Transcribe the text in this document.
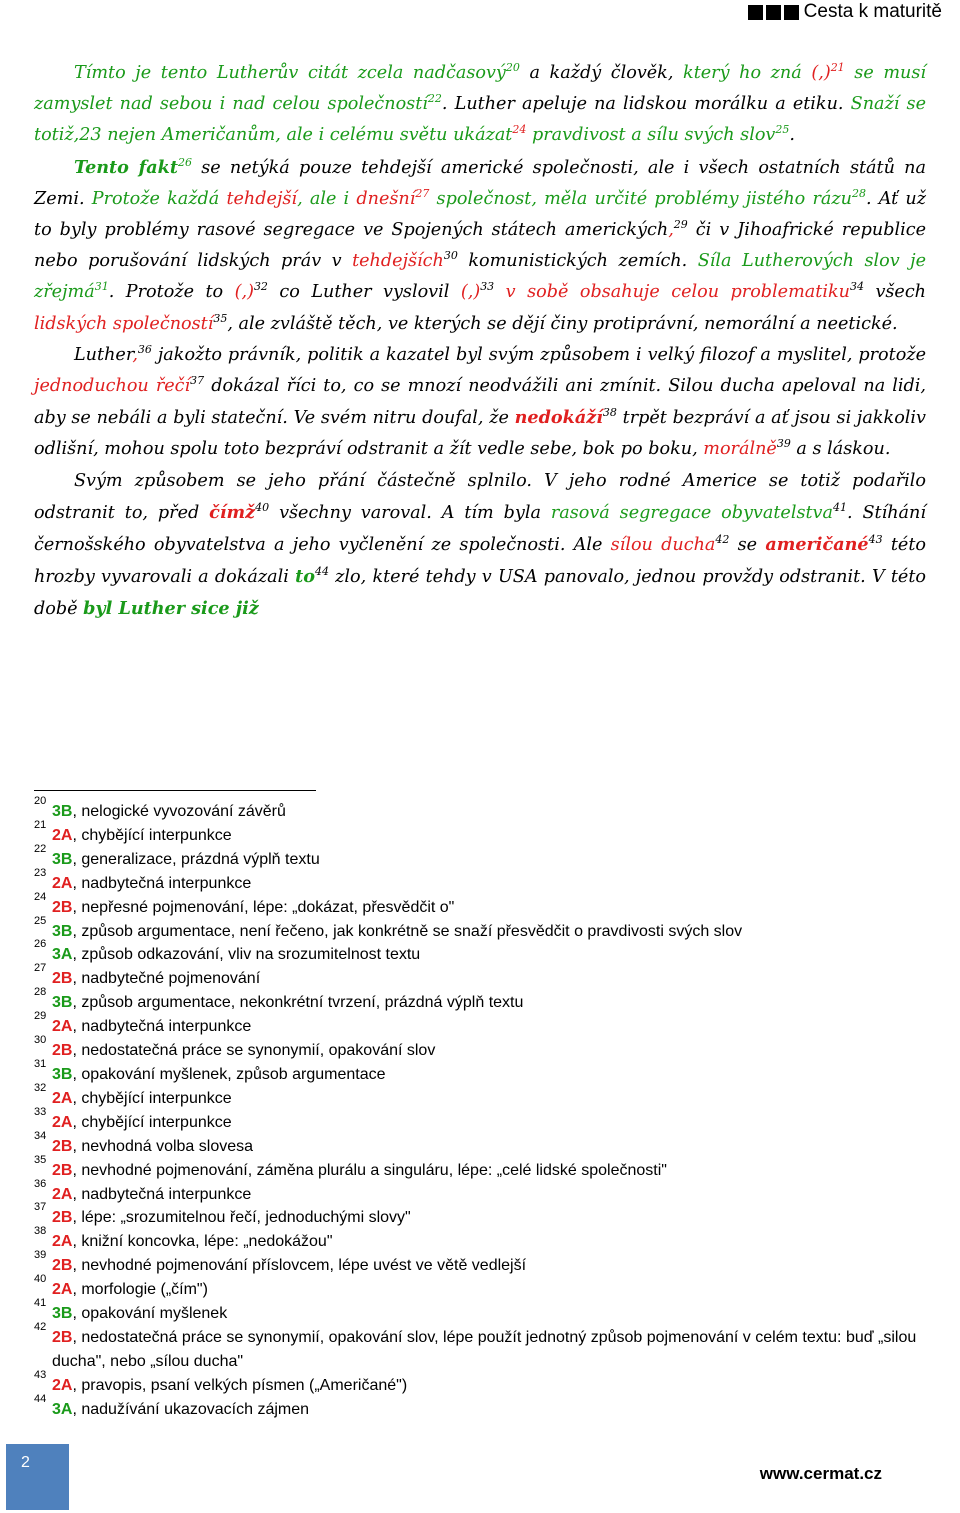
Cesta k maturitě

Tímto je tento Lutherův citát zcela nadčasový$^{20}$ a každý člověk, který ho zná (,)$^{21}$ se musí zamyslet nad sebou i nad celou společností$^{22}$. Luther apeluje na lidskou morálku a etiku. Snaží se totiž,23 nejen Američanům, ale i celému světu ukázat$^{24}$ pravdivost a sílu svých slov$^{25}$.

Tento fakt$^{26}$ se netýká pouze tehdejší americké společnosti, ale i všech ostatních států na Zemi. Protože každá tehdejší, ale i dnešní$^{27}$ společnost, měla určité problémy jistého rázu$^{28}$. Ať už to byly problémy rasové segregace ve Spojených státech amerických,$^{29}$ či v Jihoafrické republice nebo porušování lidských práv v tehdejších$^{30}$ komunistických zemích. Síla Lutherových slov je zřejmá$^{31}$. Protože to (,)$^{32}$ co Luther vyslovil (,)$^{33}$ v sobě obsahuje celou problematiku$^{34}$ všech lidských společností$^{35}$, ale zvláště těch, ve kterých se dějí činy protiprávní, nemorální a neetické.

Luther,$^{36}$ jakožto právník, politik a kazatel byl svým způsobem i velký filozof a myslitel, protože jednoduchou řečí$^{37}$ dokázal říci to, co se mnozí neodvážili ani zmínit. Silou ducha apeloval na lidi, aby se nebáli a byli stateční. Ve svém nitru doufal, že nedokáží$^{38}$ trpět bezpráví a ať jsou si jakkoliv odlišní, mohou spolu toto bezpráví odstranit a žít vedle sebe, bok po boku, morálně$^{39}$ a s láskou.

Svým způsobem se jeho přání částečně splnilo. V jeho rodné Americe se totiž podařilo odstranit to, před čímž$^{40}$ všechny varoval. A tím byla rasová segregace obyvatelstva$^{41}$. Stíhání černošského obyvatelstva a jeho vyčlenění ze společnosti. Ale sílou ducha$^{42}$ se američané$^{43}$ této hrozby vyvarovali a dokázali $to^{44}$ zlo, které tehdy v USA panovalo, jednou provždy odstranit. V této době byl Luther sice již

20
3B, nelogické vyvozování závěrů
21
2A, chybějící interpunkce
22
3B, generalizace, prázdná výplň textu
23
2A, nadbytečná interpunkce
24
2B, nepřesné pojmenování, lépe: „dokázat, přesvědčit o"
25
3B, způsob argumentace, není řečeno, jak konkrétně se snaží přesvědčit o pravdivosti svých slov
26
3A, způsob odkazování, vliv na srozumitelnost textu
27
2B, nadbytečné pojmenování
28
3B, způsob argumentace, nekonkrétní tvrzení, prázdná výplň textu
29
2A, nadbytečná interpunkce
30
2B, nedostatečná práce se synonymií, opakování slov
31
3B, opakování myšlenek, způsob argumentace
32
2A, chybějící interpunkce
33
2A, chybějící interpunkce
34
2B, nevhodná volba slovesa
35
2B, nevhodné pojmenování, záměna plurálu a singuláru, lépe: „celé lidské společnosti"
36
2A, nadbytečná interpunkce
37
2B, lépe: „srozumitelnou řečí, jednoduchými slovy"
38
2A, knižní koncovka, lépe: „nedokážou"
39
2B, nevhodné pojmenování příslovcem, lépe uvést ve větě vedlejší
40
2A, morfologie („čím")
41
3B, opakování myšlenek
42
2B, nedostatečná práce se synonymií, opakování slov, lépe použít jednotný způsob pojmenování v celém textu: buď „silou ducha", nebo „sílou ducha"
43
2A, pravopis, psaní velkých písmen („Američané")
44
3A, nadužívání ukazovacích zájmen
2
www.cermat.cz
